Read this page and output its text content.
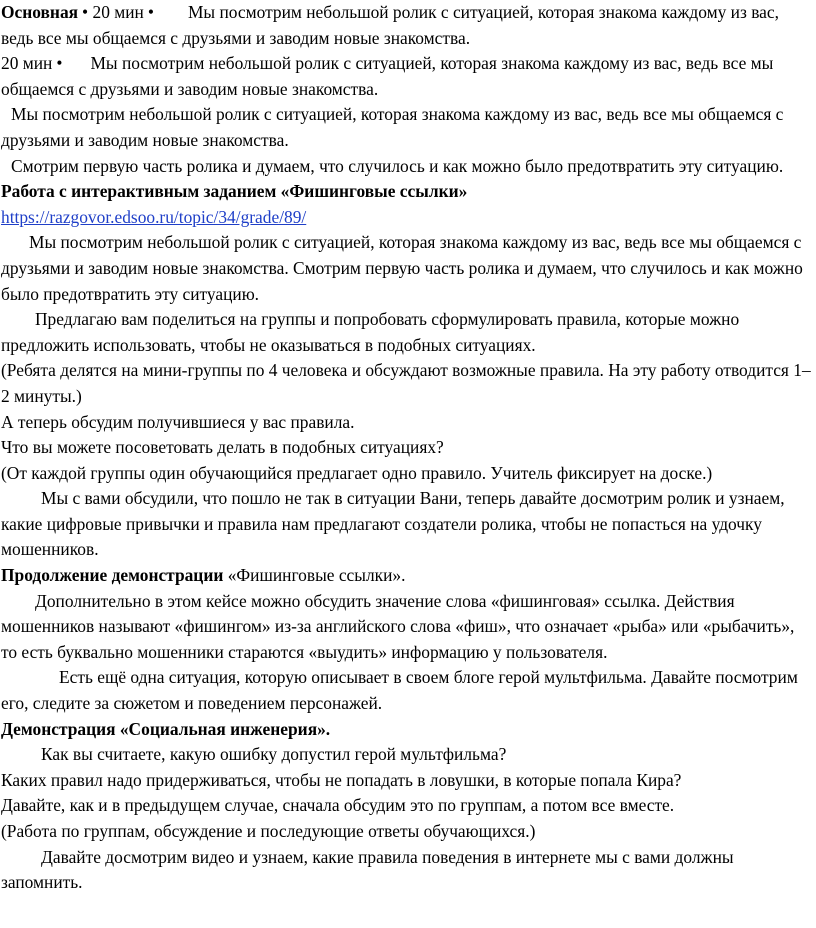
Основная • 20 мин • Мы посмотрим небольшой ролик с ситуацией, которая знакома каждому из вас, ведь все мы общаемся с друзьями и заводим новые знакомства.

20 мин • Мы посмотрим небольшой ролик с ситуацией, которая знакома каждому из вас, ведь все мы общаемся с друзьями и заводим новые знакомства.

Мы посмотрим небольшой ролик с ситуацией, которая знакома каждому из вас, ведь все мы общаемся с друзьями и заводим новые знакомства.

Смотрим первую часть ролика и думаем, что случилось и как можно было предотвратить эту ситуацию. Работа с интерактивным заданием «Фишинговые ссылки»
https://razgovor.edsoo.ru/topic/34/grade/89/

Мы посмотрим небольшой ролик с ситуацией, которая знакома каждому из вас, ведь все мы общаемся с друзьями и заводим новые знакомства. Смотрим первую часть ролика и думаем, что случилось и как можно было предотвратить эту ситуацию.

Предлагаю вам поделиться на группы и попробовать сформулировать правила, которые можно предложить использовать, чтобы не оказываться в подобных ситуациях.

(Ребята делятся на мини-группы по 4 человека и обсуждают возможные правила. На эту работу отводится 1–2 минуты.)

А теперь обсудим получившиеся у вас правила.

Что вы можете посоветовать делать в подобных ситуациях?

(От каждой группы один обучающийся предлагает одно правило. Учитель фиксирует на доске.)

Мы с вами обсудили, что пошло не так в ситуации Вани, теперь давайте досмотрим ролик и узнаем, какие цифровые привычки и правила нам предлагают создатели ролика, чтобы не попасться на удочку мошенников.

Продолжение демонстрации «Фишинговые ссылки».

Дополнительно в этом кейсе можно обсудить значение слова «фишинговая» ссылка. Действия мошенников называют «фишингом» из-за английского слова «фиш», что означает «рыба» или «рыбачить», то есть буквально мошенники стараются «выудить» информацию у пользователя.

Есть ещё одна ситуация, которую описывает в своем блоге герой мультфильма. Давайте посмотрим его, следите за сюжетом и поведением персонажей.

Демонстрация «Социальная инженерия».

Как вы считаете, какую ошибку допустил герой мультфильма?

Каких правил надо придерживаться, чтобы не попадать в ловушки, в которые попала Кира?

Давайте, как и в предыдущем случае, сначала обсудим это по группам, а потом все вместе.

(Работа по группам, обсуждение и последующие ответы обучающихся.)

Давайте досмотрим видео и узнаем, какие правила поведения в интернете мы с вами должны запомнить.
